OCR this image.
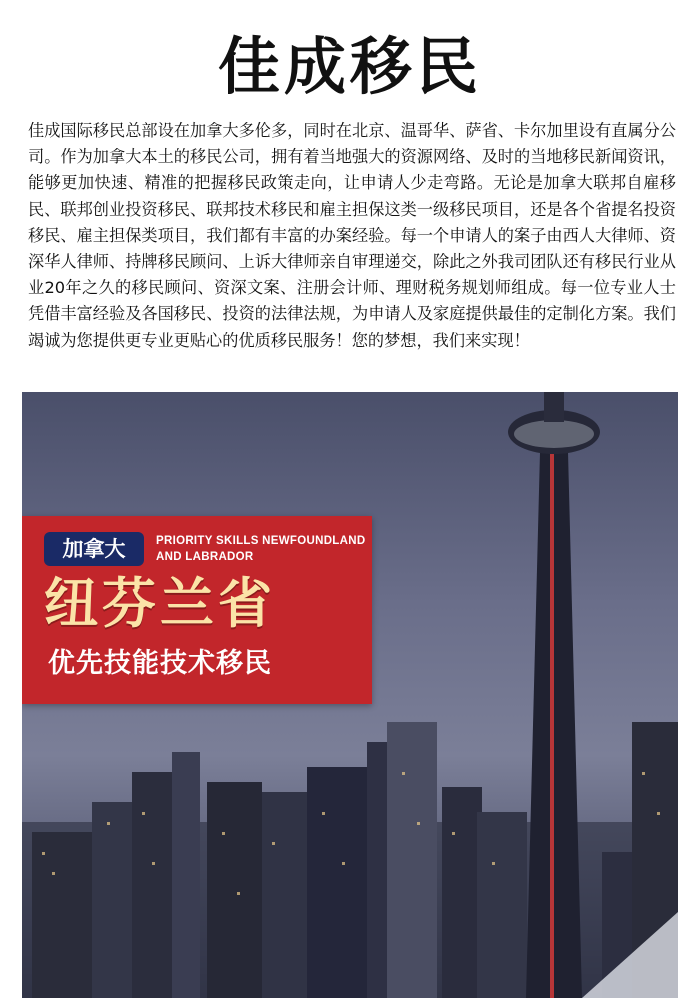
佳成移民
佳成国际移民总部设在加拿大多伦多，同时在北京、温哥华、萨省、卡尔加里设有直属分公司。作为加拿大本土的移民公司，拥有着当地强大的资源网络、及时的当地移民新闻资讯，能够更加快速、精准的把握移民政策走向，让申请人少走弯路。无论是加拿大联邦自雇移民、联邦创业投资移民、联邦技术移民和雇主担保这类一级移民项目，还是各个省提名投资移民、雇主担保类项目，我们都有丰富的办案经验。每一个申请人的案子由西人大律师、资深华人律师、持牌移民顾问、上诉大律师亲自审理递交，除此之外我司团队还有移民行业从业20年之久的移民顾问、资深文案、注册会计师、理财税务规划师组成。每一位专业人士凭借丰富经验及各国移民、投资的法律法规，为申请人及家庭提供最佳的定制化方案。我们竭诚为您提供更专业更贴心的优质移民服务！您的梦想，我们来实现！
加拿大	PRIORITY SKILLS NEWFOUNDLAND AND LABRADOR
纽芬兰省
优先技能技术移民
